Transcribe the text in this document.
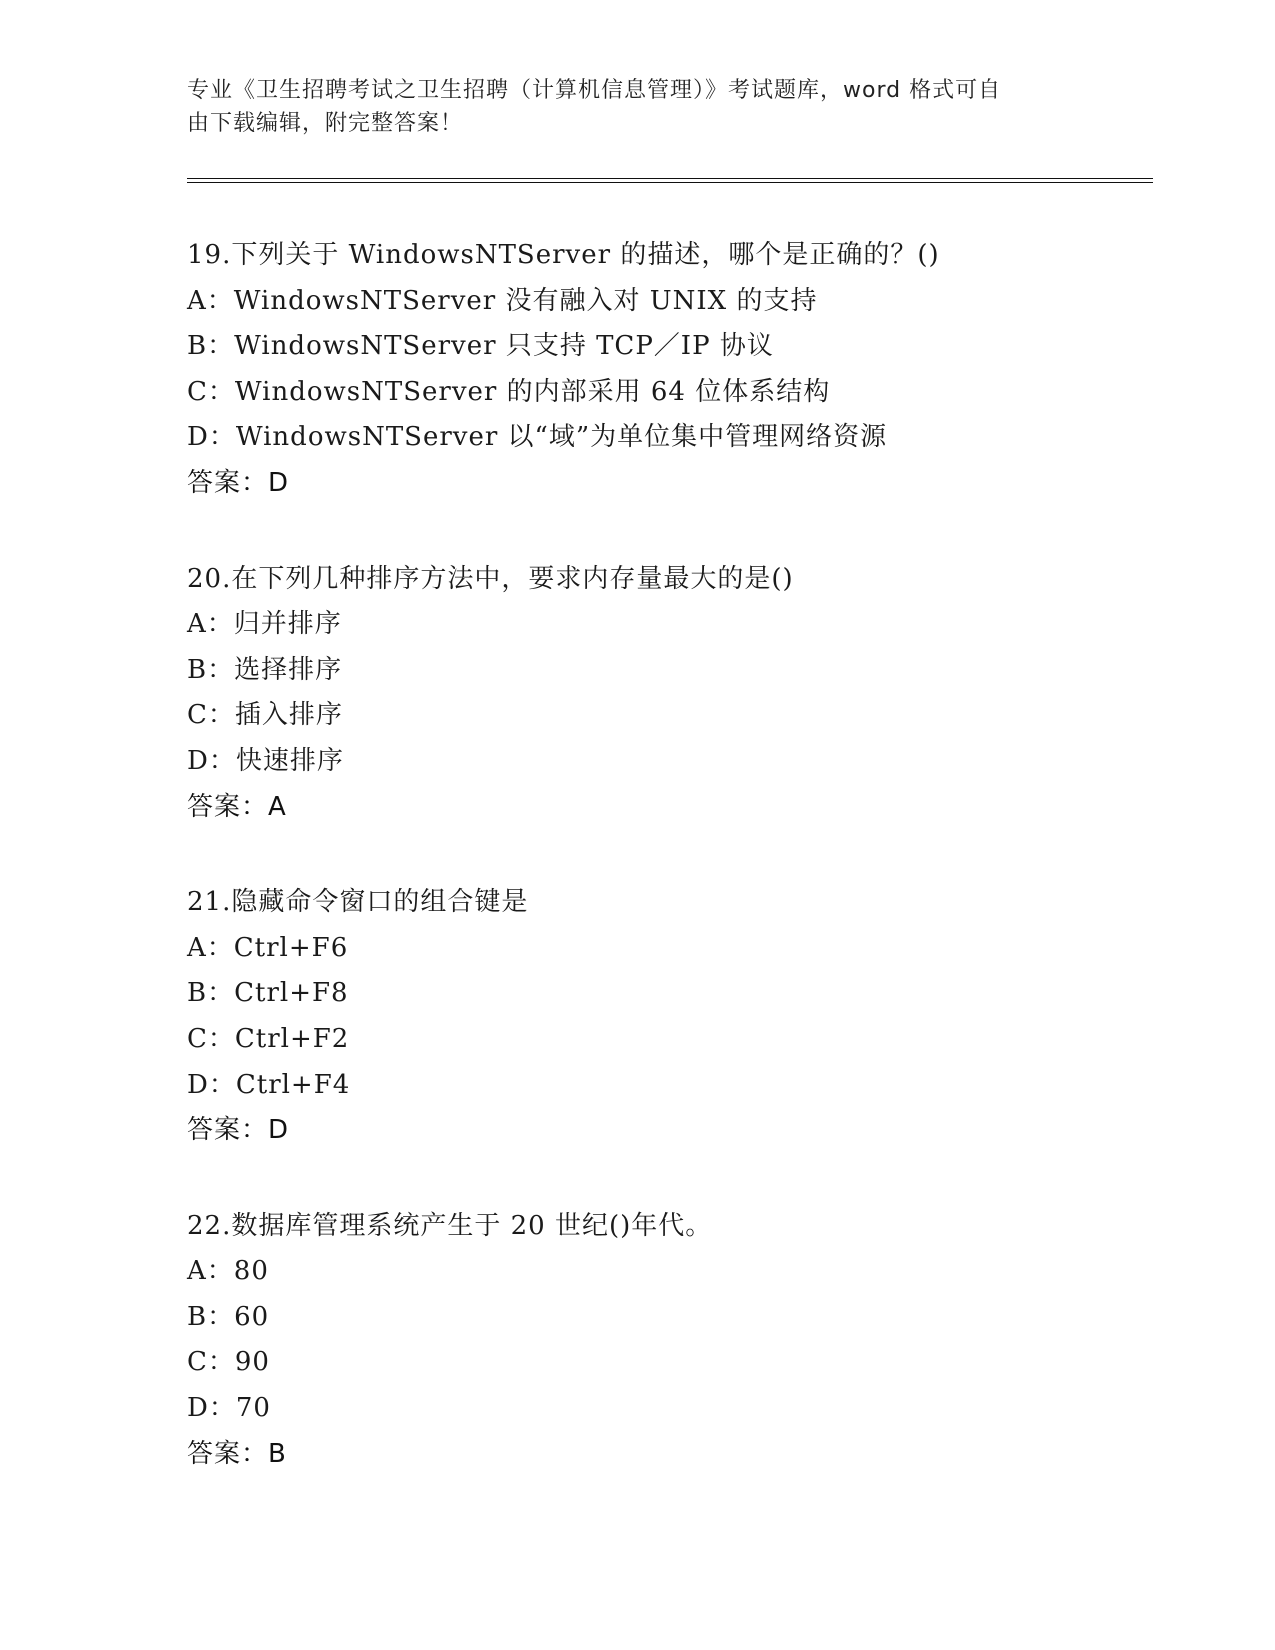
专业《卫生招聘考试之卫生招聘（计算机信息管理）》考试题库，word 格式可自
由下载编辑，附完整答案！
19.下列关于 WindowsNTServer 的描述，哪个是正确的？()
A：WindowsNTServer 没有融入对 UNIX 的支持
B：WindowsNTServer 只支持 TCP／IP 协议
C：WindowsNTServer 的内部采用 64 位体系结构
D：WindowsNTServer 以“域”为单位集中管理网络资源
答案：D
20.在下列几种排序方法中，要求内存量最大的是()
A：归并排序
B：选择排序
C：插入排序
D：快速排序
答案：A
21.隐藏命令窗口的组合键是
A：Ctrl+F6
B：Ctrl+F8
C：Ctrl+F2
D：Ctrl+F4
答案：D
22.数据库管理系统产生于 20 世纪()年代。
A：80
B：60
C：90
D：70
答案：B
